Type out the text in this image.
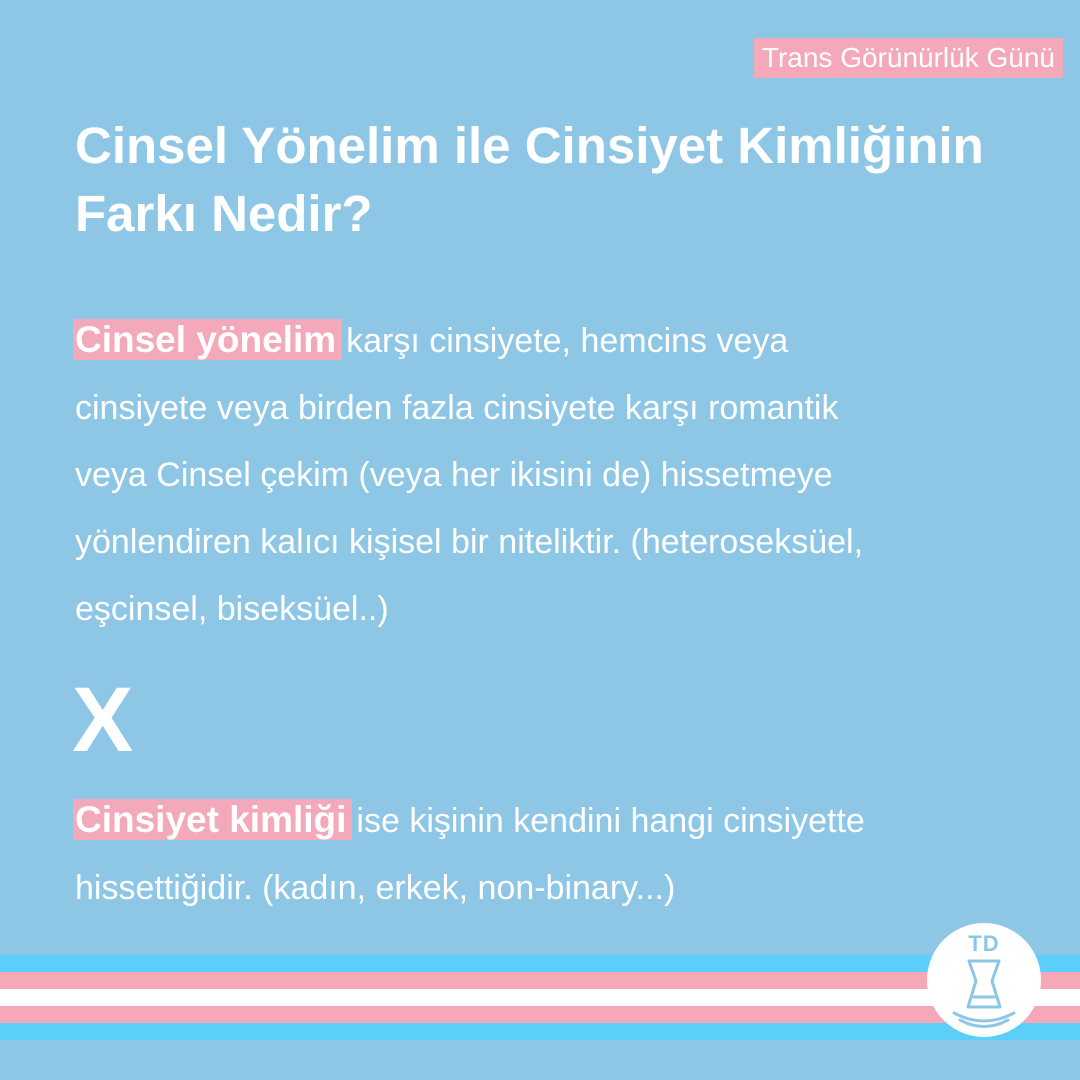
Trans Görünürlük Günü
Cinsel Yönelim ile Cinsiyet Kimliğinin Farkı Nedir?
Cinsel yönelim karşı cinsiyete, hemcins veya
cinsiyete veya birden fazla cinsiyete karşı romantik
veya Cinsel çekim (veya her ikisini de) hissetmeye
yönlendiren kalıcı kişisel bir niteliktir. (heteroseksüel,
eşcinsel, biseksüel..)
X
Cinsiyet kimliği ise kişinin kendini hangi cinsiyette
hissettiğidir. (kadın, erkek, non-binary...)
TD
